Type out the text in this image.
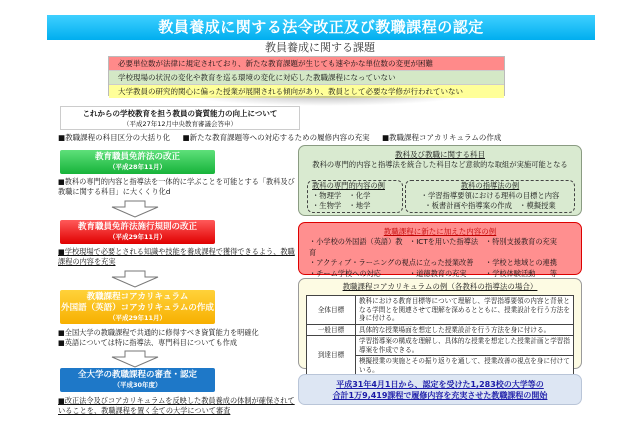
教員養成に関する法令改正及び教職課程の認定
教員養成に関する課題
必要単位数が法律に規定されており、新たな教育課題が生じても速やかな単位数の変更が困難
学校現場の状況の変化や教育を巡る環境の変化に対応した教職課程になっていない
大学教員の研究的関心に偏った授業が展開される傾向があり、教員として必要な学修が行われていない
これからの学校教育を担う教員の資質能力の向上について
（平成27年12月中央教育審議会答申）
■教職課程の科目区分の大括り化 ■新たな教育課題等への対応するための履修内容の充実 ■教職課程コアカリキュラムの作成
教育職員免許法の改正
（平成28年11月）
■教科の専門的内容と指導法を一体的に学ぶことを可能とする「教科及び教職に関する科目」に大くくり化d
教育職員免許法施行規則の改正
（平成29年11月）
■学校現場で必要とされる知識や技能を養成課程で獲得できるよう、教職課程の内容を充実
教職課程コアカリキュラム
外国語（英語）コアカリキュラムの作成
（平成29年11月）
■全国大学の教職課程で共通的に修得すべき資質能力を明確化
■英語については特に指導法、専門科目についても作成
全大学の教職課程の審査・認定
（平成30年度）
■改正法令及びコアカリキュラムを反映した教員養成の体制が確保されていることを、教職課程を置く全ての大学について審査
教科及び教職に関する科目
教科の専門的内容と指導法を統合した科目など意欲的な取組が実施可能となる
教科の専門的内容の例
・物理学　 ・化学
・生物学　 ・地学
教科の指導法の例
・学習指導要領における理科の目標と内容
・板書計画や指導案の作成　・模擬授業
教職課程に新たに加えた内容の例
・小学校の外国語（英語）教育
・ICTを用いた指導法 ・特別支援教育の充実
・アクティブ・ラーニングの視点に立った授業改善	・学校と地域との連携
・チーム学校への対応	・道徳教育の充実	・学校体験活動　　等
教職課程コアカリキュラムの例（各教科の指導法の場合）
全体目標	教科における教育目標等について理解し、学習指導要領の内容と背景となる学問とを関連させて理解を深めるとともに、授業設計を行う方法を身に付ける。
一般目標	具体的な授業場面を想定した授業設計を行う方法を身に付ける。
到達目標	学習指導案の構成を理解し、具体的な授業を想定した授業計画と学習指導案を作成できる。
	模擬授業の実施とその振り返りを通して、授業改善の視点を身に付けている。
平成31年4月1日から、認定を受けた1,283校の大学等の
合計1万9,419課程で履修内容を充実させた教職課程の開始
